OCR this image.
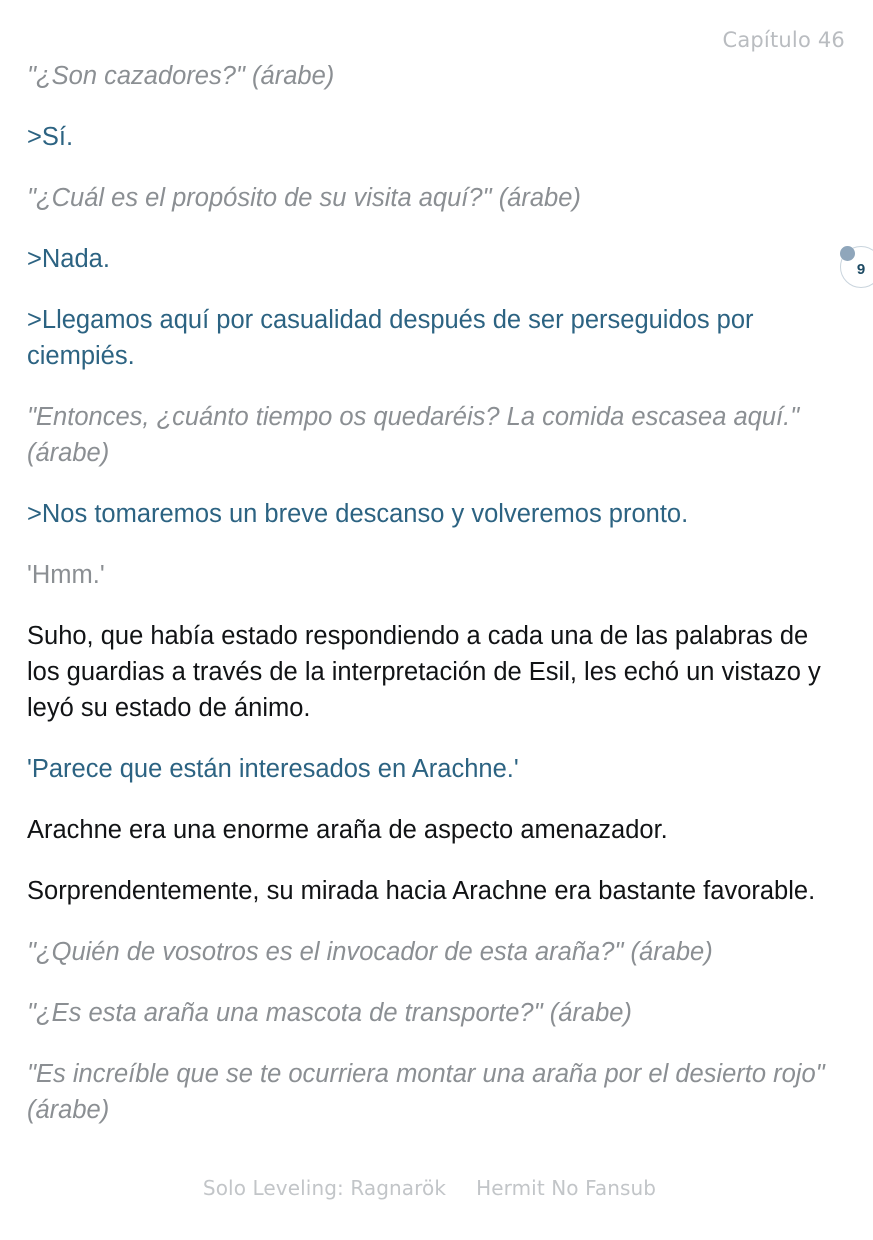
Capítulo 46

"¿Son cazadores?" (árabe)

>Sí.

"¿Cuál es el propósito de su visita aquí?" (árabe)

>Nada.

>Llegamos aquí por casualidad después de ser perseguidos por ciempiés.

"Entonces, ¿cuánto tiempo os quedaréis? La comida escasea aquí." (árabe)

>Nos tomaremos un breve descanso y volveremos pronto.

'Hmm.'

Suho, que había estado respondiendo a cada una de las palabras de los guardias a través de la interpretación de Esil, les echó un vistazo y leyó su estado de ánimo.

'Parece que están interesados en Arachne.'

Arachne era una enorme araña de aspecto amenazador.

Sorprendentemente, su mirada hacia Arachne era bastante favorable.

"¿Quién de vosotros es el invocador de esta araña?" (árabe)

"¿Es esta araña una mascota de transporte?" (árabe)

"Es increíble que se te ocurriera montar una araña por el desierto rojo" (árabe)

9
Solo Leveling: Ragnarök Hermit No Fansub
